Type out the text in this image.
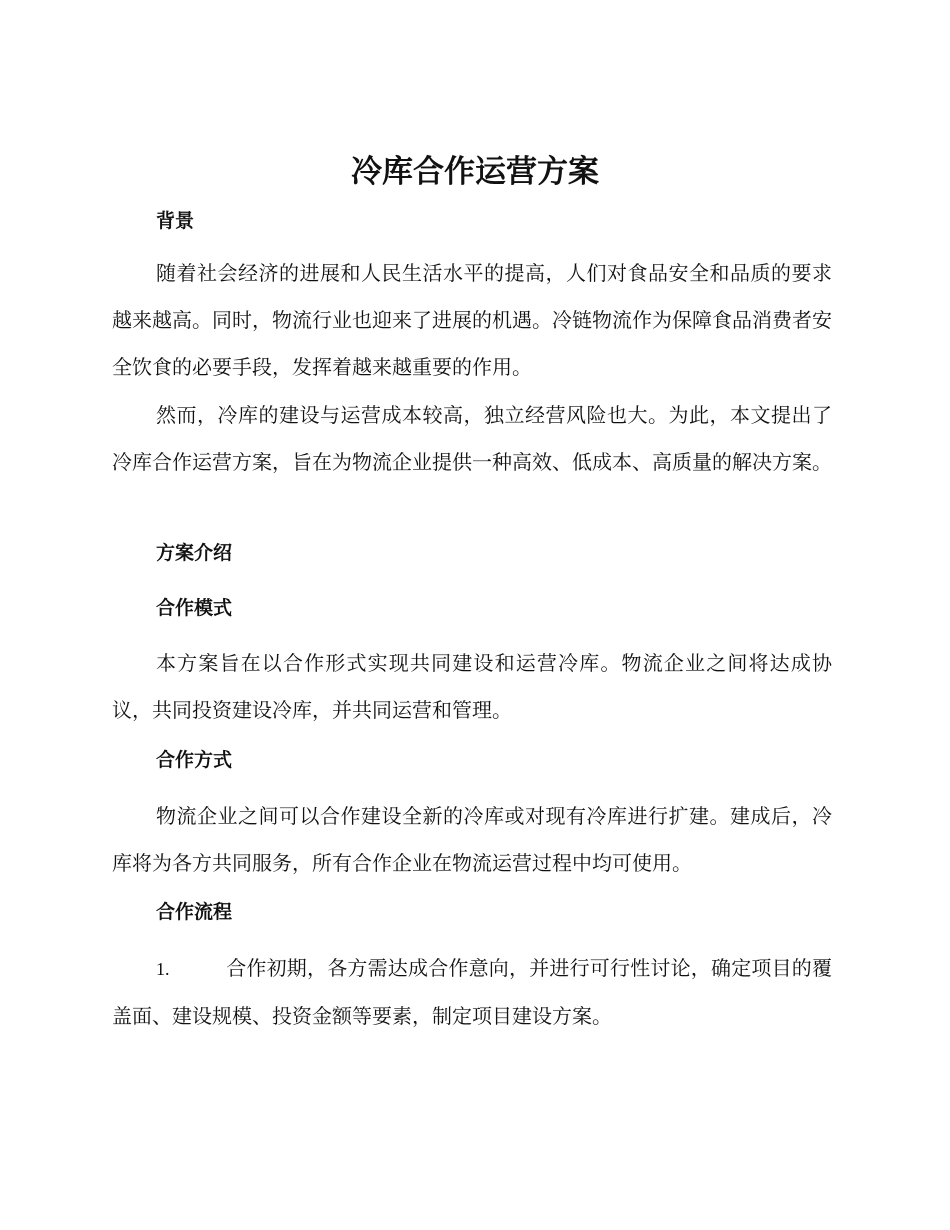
冷库合作运营方案
背景

随着社会经济的进展和人民生活水平的提高，人们对食品安全和品质的要求越来越高。同时，物流行业也迎来了进展的机遇。冷链物流作为保障食品消费者安全饮食的必要手段，发挥着越来越重要的作用。

然而，冷库的建设与运营成本较高，独立经营风险也大。为此，本文提出了冷库合作运营方案，旨在为物流企业提供一种高效、低成本、高质量的解决方案。

方案介绍
合作模式

本方案旨在以合作形式实现共同建设和运营冷库。物流企业之间将达成协议，共同投资建设冷库，并共同运营和管理。

合作方式

物流企业之间可以合作建设全新的冷库或对现有冷库进行扩建。建成后，冷库将为各方共同服务，所有合作企业在物流运营过程中均可使用。

合作流程

1.	合作初期，各方需达成合作意向，并进行可行性讨论，确定项目的覆盖面、建设规模、投资金额等要素，制定项目建设方案。
